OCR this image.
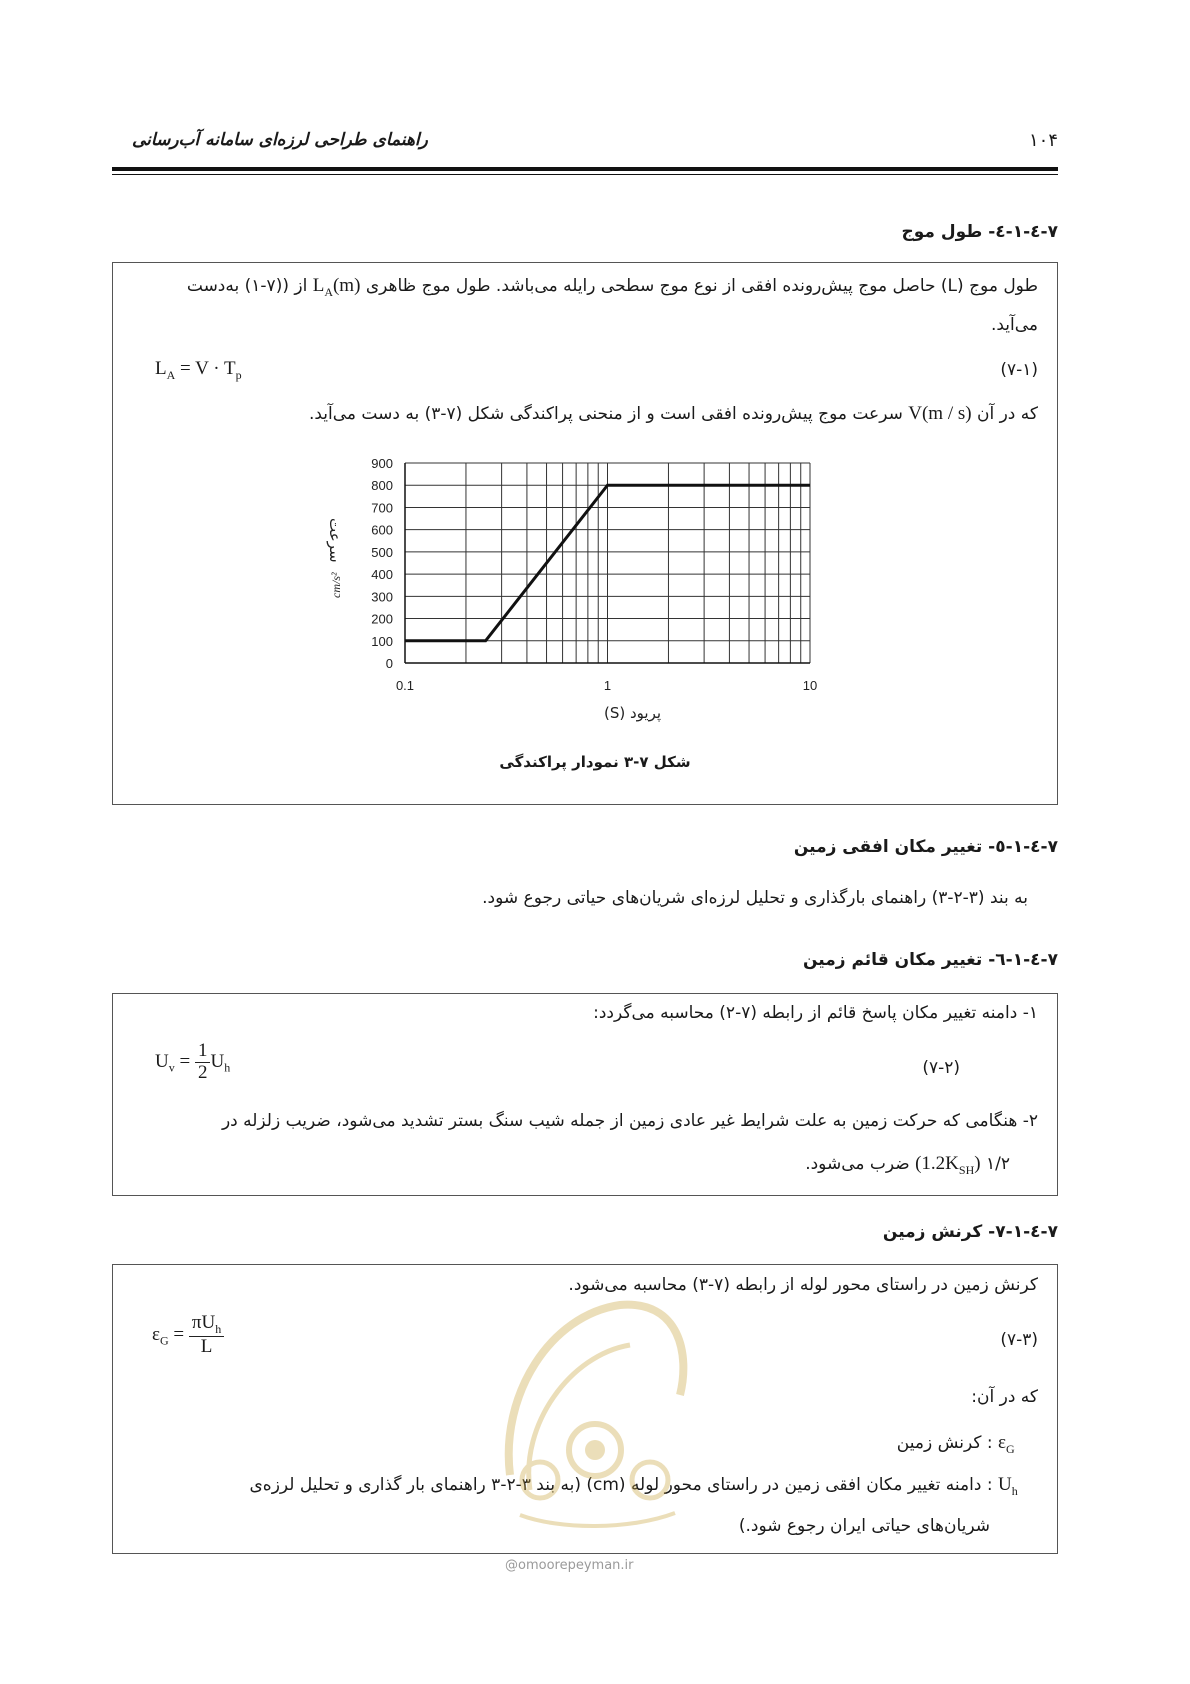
راهنمای طراحی لرزه‌ای سامانه آب‌رسانی	۱۰۴
۷-٤-١-٤- طول موج
طول موج (L) حاصل موج پیش‌رونده افقی از نوع موج سطحی رایله می‌باشد. طول موج ظاهری $L_A(m)$ از ((۷-۱) به‌دست
می‌آید.
(۷-۱)
$L_A = V \cdot T_p$
که در آن V(m / s) سرعت موج پیش‌رونده افقی است و از منحنی پراکندگی شکل (۷-۳) به دست می‌آید.
0
100
200
300
400
500
600
700
800
900
0.1	1	10
سرعت
cm/s²
پریود (S)
شکل ۷-۳ نمودار پراکندگی
۷-٤-١-٥- تغییر مکان افقی زمین
به بند (۳-۲-۳) راهنمای بارگذاری و تحلیل لرزه‌ای شریان‌های حیاتی رجوع شود.
۷-٤-١-٦- تغییر مکان قائم زمین
۱- دامنه تغییر مکان پاسخ قائم از رابطه (۷-۲) محاسبه می‌گردد:
(۷-۲)
$U_v = \frac{1}{2} U_h$
۲- هنگامی که حرکت زمین به علت شرایط غیر عادی زمین از جمله شیب سنگ بستر تشدید می‌شود، ضریب زلزله در
۱/۲ $(1.2K_{SH})$ ضرب می‌شود.
۷-٤-١-۷- کرنش زمین
کرنش زمین در راستای محور لوله از رابطه (۷-۳) محاسبه می‌شود.
(۷-۳)
$\varepsilon_G = \frac{\pi U_h}{L}$
که در آن:
$\varepsilon_G$ : کرنش زمین
$U_h$ : دامنه تغییر مکان افقی زمین در راستای محور لوله (cm) (به بند ۳-۲-۳ راهنمای بار گذاری و تحلیل لرزه‌ی
شریان‌های حیاتی ایران رجوع شود.)
@omoorepeyman.ir
